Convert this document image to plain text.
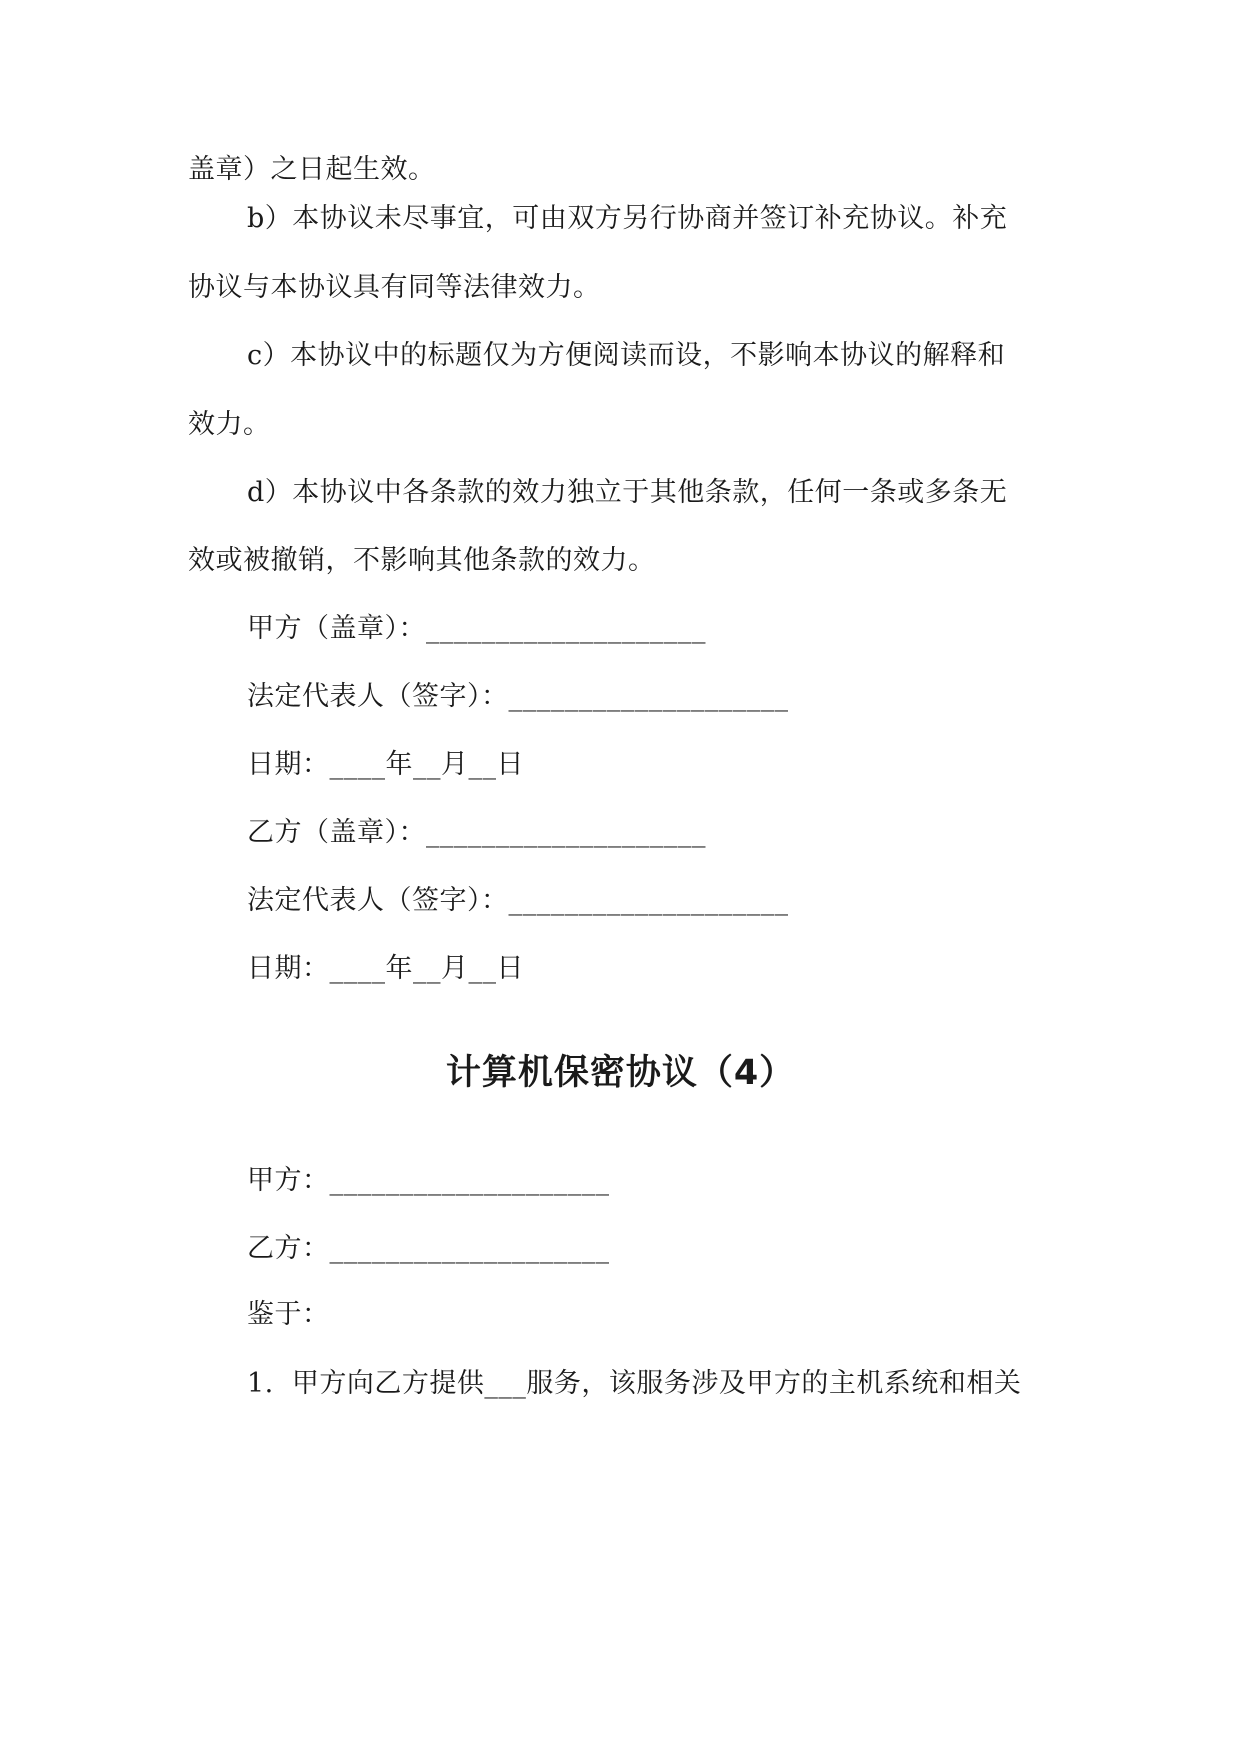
盖章）之日起生效。
b）本协议未尽事宜，可由双方另行协商并签订补充协议。补充
协议与本协议具有同等法律效力。
c）本协议中的标题仅为方便阅读而设，不影响本协议的解释和
效力。
d）本协议中各条款的效力独立于其他条款，任何一条或多条无
效或被撤销，不影响其他条款的效力。
甲方（盖章）：____________________
法定代表人（签字）：____________________
日期：____年__月__日
乙方（盖章）：____________________
法定代表人（签字）：____________________
日期：____年__月__日
计算机保密协议（4）
甲方：____________________
乙方：____________________
鉴于：
1.  甲方向乙方提供___服务，该服务涉及甲方的主机系统和相关
